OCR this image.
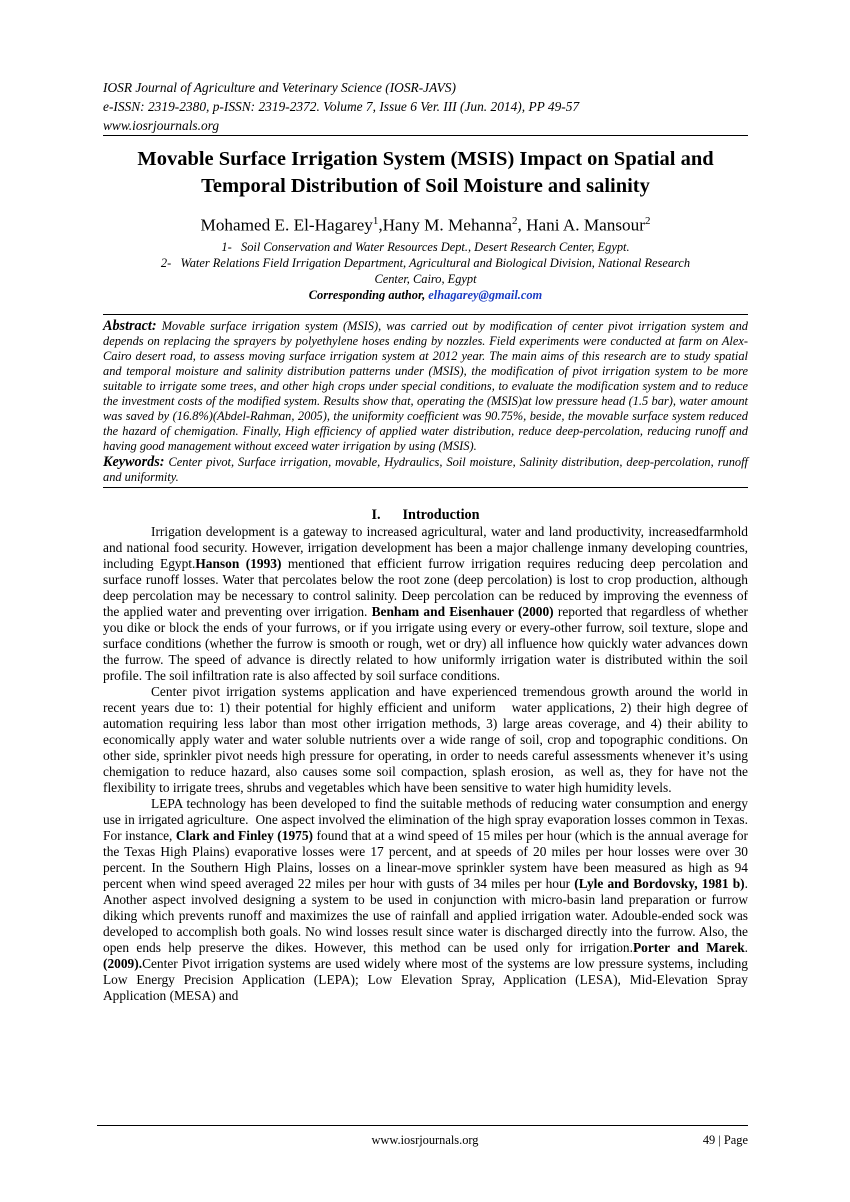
IOSR Journal of Agriculture and Veterinary Science (IOSR-JAVS)
e-ISSN: 2319-2380, p-ISSN: 2319-2372. Volume 7, Issue 6 Ver. III (Jun. 2014), PP 49-57
www.iosrjournals.org
Movable Surface Irrigation System (MSIS) Impact on Spatial and
Temporal Distribution of Soil Moisture and salinity
Mohamed E. El-Hagarey$^1$,Hany M. Mehanna$^2$, Hani A. Mansour$^2$
1-   Soil Conservation and Water Resources Dept., Desert Research Center, Egypt.
2-   Water Relations Field Irrigation Department, Agricultural and Biological Division, National Research
Center, Cairo, Egypt
Corresponding author, elhagarey@gmail.com
Abstract: Movable surface irrigation system (MSIS), was carried out by modification of center pivot irrigation system and depends on replacing the sprayers by polyethylene hoses ending by nozzles. Field experiments were conducted at farm on Alex-Cairo desert road, to assess moving surface irrigation system at 2012 year. The main aims of this research are to study spatial and temporal moisture and salinity distribution patterns under (MSIS), the modification of pivot irrigation system to be more suitable to irrigate some trees, and other high crops under special conditions, to evaluate the modification system and to reduce the investment costs of the modified system. Results show that, operating the (MSIS)at low pressure head (1.5 bar), water amount was saved by (16.8%)(Abdel-Rahman, 2005), the uniformity coefficient was 90.75%, beside, the movable surface system reduced the hazard of chemigation. Finally, High efficiency of applied water distribution, reduce deep-percolation, reducing runoff and having good management without exceed water irrigation by using (MSIS).
Keywords: Center pivot, Surface irrigation, movable, Hydraulics, Soil moisture, Salinity distribution, deep-percolation, runoff and uniformity.
I. Introduction

Irrigation development is a gateway to increased agricultural, water and land productivity, increasedfarmhold and national food security. However, irrigation development has been a major challenge inmany developing countries, including Egypt.Hanson (1993) mentioned that efficient furrow irrigation requires reducing deep percolation and surface runoff losses. Water that percolates below the root zone (deep percolation) is lost to crop production, although deep percolation may be necessary to control salinity. Deep percolation can be reduced by improving the evenness of the applied water and preventing over irrigation. Benham and Eisenhauer (2000) reported that regardless of whether you dike or block the ends of your furrows, or if you irrigate using every or every-other furrow, soil texture, slope and surface conditions (whether the furrow is smooth or rough, wet or dry) all influence how quickly water advances down the furrow. The speed of advance is directly related to how uniformly irrigation water is distributed within the soil profile. The soil infiltration rate is also affected by soil surface conditions.

Center pivot irrigation systems application and have experienced tremendous growth around the world in recent years due to: 1) their potential for highly efficient and uniform   water applications, 2) their high degree of automation requiring less labor than most other irrigation methods, 3) large areas coverage, and 4) their ability to economically apply water and water soluble nutrients over a wide range of soil, crop and topographic conditions. On other side, sprinkler pivot needs high pressure for operating, in order to needs careful assessments whenever it’s using chemigation to reduce hazard, also causes some soil compaction, splash erosion,  as well as, they for have not the flexibility to irrigate trees, shrubs and vegetables which have been sensitive to water high humidity levels.

LEPA technology has been developed to find the suitable methods of reducing water consumption and energy use in irrigated agriculture.  One aspect involved the elimination of the high spray evaporation losses common in Texas. For instance, Clark and Finley (1975) found that at a wind speed of 15 miles per hour (which is the annual average for the Texas High Plains) evaporative losses were 17 percent, and at speeds of 20 miles per hour losses were over 30 percent. In the Southern High Plains, losses on a linear-move sprinkler system have been measured as high as 94 percent when wind speed averaged 22 miles per hour with gusts of 34 miles per hour (Lyle and Bordovsky, 1981 b). Another aspect involved designing a system to be used in conjunction with micro-basin land preparation or furrow diking which prevents runoff and maximizes the use of rainfall and applied irrigation water. Adouble-ended sock was developed to accomplish both goals. No wind losses result since water is discharged directly into the furrow. Also, the open ends help preserve the dikes. However, this method can be used only for irrigation.Porter and Marek. (2009).Center Pivot irrigation systems are used widely where most of the systems are low pressure systems, including Low Energy Precision Application (LEPA); Low Elevation Spray, Application (LESA), Mid-Elevation Spray Application (MESA) and

www.iosrjournals.org	49 | Page
